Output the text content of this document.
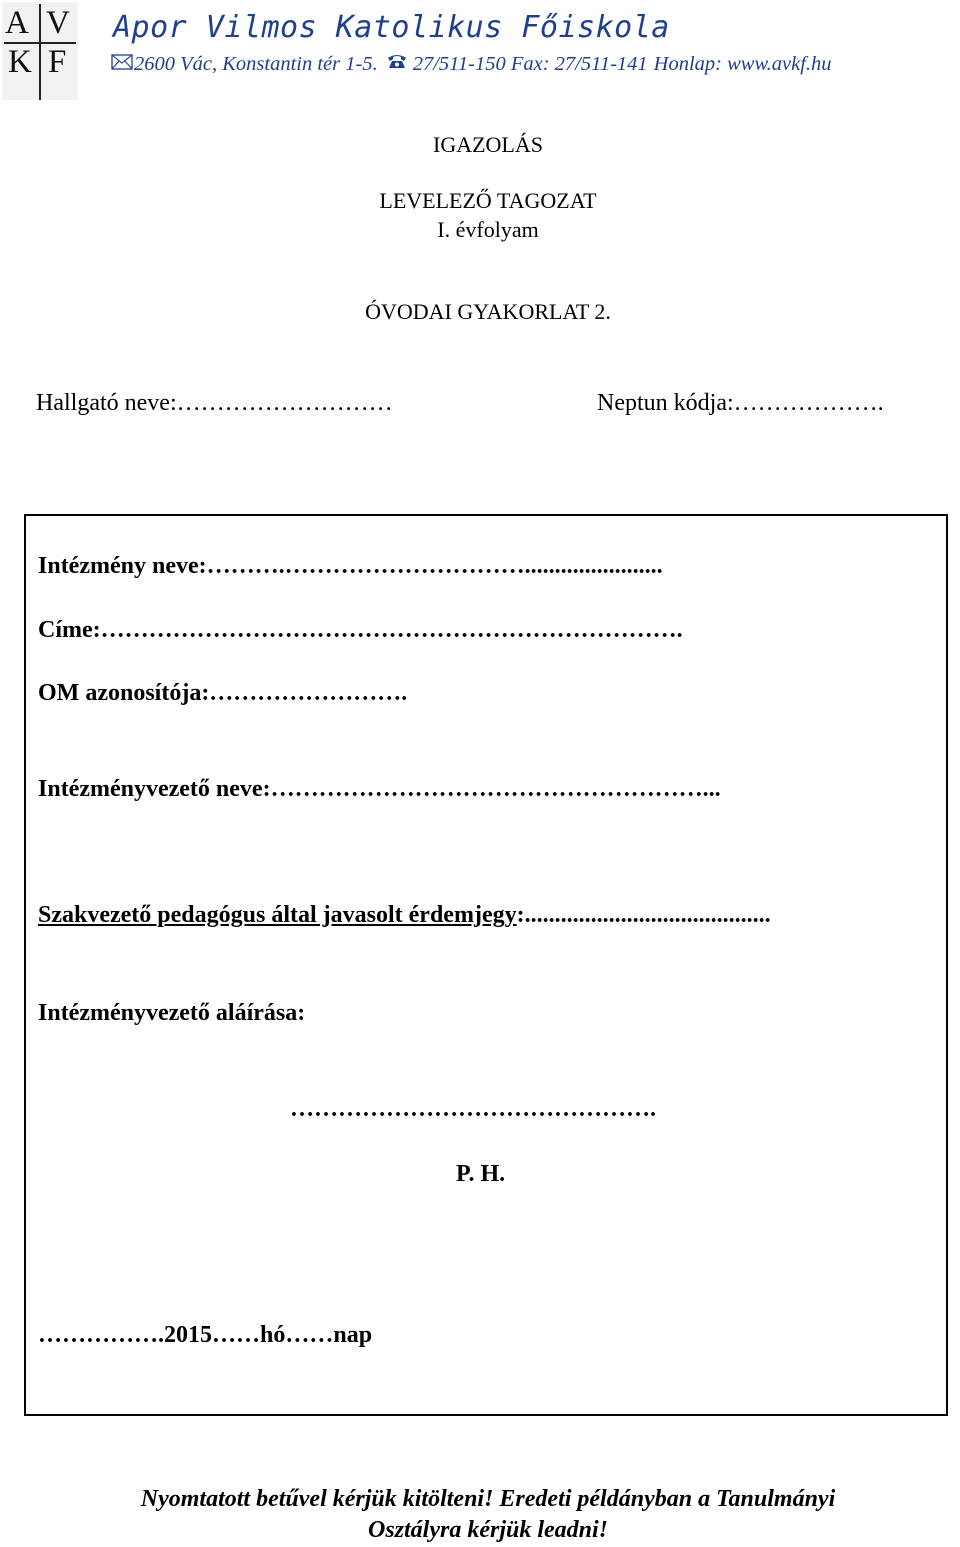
A V
K F
Apor Vilmos Katolikus Főiskola
2600 Vác, Konstantin tér 1-5. 27/511-150 Fax: 27/511-141 Honlap: www.avkf.hu
IGAZOLÁS
LEVELEZŐ TAGOZAT
I. évfolyam
ÓVODAI GYAKORLAT 2.
Hallgató neve:………………………	Neptun kódja:……………….
Intézmény neve:……….………………………….......................
Címe:……………………………………………………………….
OM azonosítója:…………………….
Intézményvezető neve:………………………………………………...
Szakvezető pedagógus által javasolt érdemjegy:.........................................
Intézményvezető aláírása:
……………………………………….
P. H.
…………….2015……hó……nap
Nyomtatott betűvel kérjük kitölteni! Eredeti példányban a Tanulmányi
Osztályra kérjük leadni!
